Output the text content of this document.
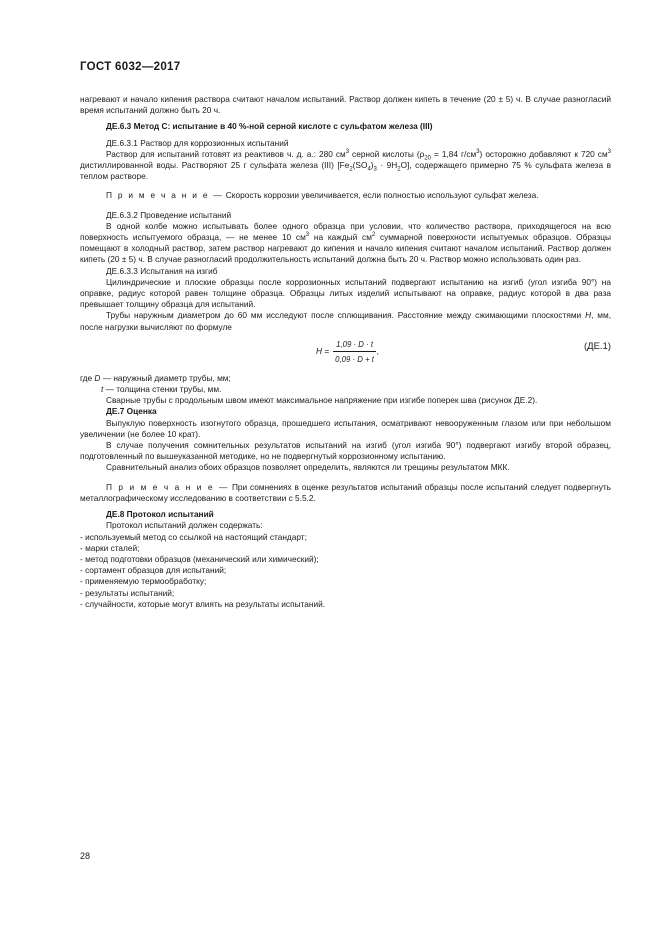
ГОСТ 6032—2017

нагревают и начало кипения раствора считают началом испытаний. Раствор должен кипеть в течение (20 ± 5) ч. В случае разногласий время испытаний должно быть 20 ч.

ДЕ.6.3 Метод С: испытание в 40 %-ной серной кислоте с сульфатом железа (III)

ДЕ.6.3.1 Раствор для коррозионных испытаний

Раствор для испытаний готовят из реактивов ч. д. а.: 280 $см^3$ серной кислоты ($\rho_{20} = 1,84$ $г/см^3$) осторожно добавляют к 720 $см^3$ дистиллированной воды. Растворяют 25 г сульфата железа (III) $[Fe_2(SO_4)_3 \cdot 9H_2O]$, содержащего примерно 75 % сульфата железа в теплом растворе.

П р и м е ч а н и е — Скорость коррозии увеличивается, если полностью используют сульфат железа.

ДЕ.6.3.2 Проведение испытаний

В одной колбе можно испытывать более одного образца при условии, что количество раствора, приходящегося на всю поверхность испытуемого образца, — не менее 10 $см^3$ на каждый $см^2$ суммарной поверхности испытуемых образцов. Образцы помещают в холодный раствор, затем раствор нагревают до кипения и начало кипения считают началом испытаний. Раствор должен кипеть (20 ± 5) ч. В случае разногласий продолжительность испытаний должна быть 20 ч. Раствор можно использовать один раз.

ДЕ.6.3.3 Испытания на изгиб

Цилиндрические и плоские образцы после коррозионных испытаний подвергают испытанию на изгиб (угол изгиба 90°) на оправке, радиус которой равен толщине образца. Образцы литых изделий испытывают на оправке, радиус которой в два раза превышает толщину образца для испытаний.

Трубы наружным диаметром до 60 мм исследуют после сплющивания. Расстояние между сжимающими плоскостями H, мм, после нагрузки вычисляют по формуле

$H = \frac{1,09 \cdot D \cdot t}{0,09 \cdot D + t}$ ,	(ДЕ.1)

где D — наружный диаметр трубы, мм;

t — толщина стенки трубы, мм.

Сварные трубы с продольным швом имеют максимальное напряжение при изгибе поперек шва (рисунок ДЕ.2).

ДЕ.7 Оценка

Выпуклую поверхность изогнутого образца, прошедшего испытания, осматривают невооруженным глазом или при небольшом увеличении (не более 10 крат).

В случае получения сомнительных результатов испытаний на изгиб (угол изгиба 90°) подвергают изгибу второй образец, подготовленный по вышеуказанной методике, но не подвергнутый коррозионному испытанию.

Сравнительный анализ обоих образцов позволяет определить, являются ли трещины результатом МКК.

П р и м е ч а н и е — При сомнениях в оценке результатов испытаний образцы после испытаний следует подвергнуть металлографическому исследованию в соответствии с 5.5.2.

ДЕ.8 Протокол испытаний

Протокол испытаний должен содержать:

- используемый метод со ссылкой на настоящий стандарт;

- марки сталей;

- метод подготовки образцов (механический или химический);

- сортамент образцов для испытаний;

- применяемую термообработку;

- результаты испытаний;

- случайности, которые могут влиять на результаты испытаний.

28
